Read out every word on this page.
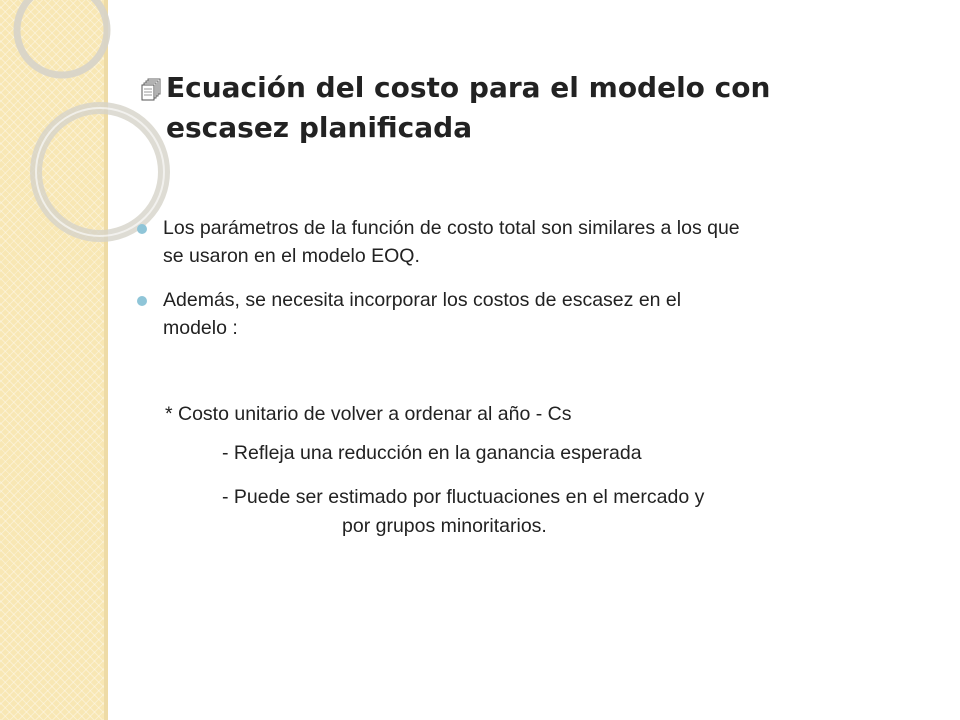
Ecuación del costo para el modelo con
escasez planificada
Los parámetros de la función de costo total son similares a los que
se usaron en el modelo EOQ.
Además, se necesita incorporar los costos de escasez en el
modelo :
* Costo unitario de volver a ordenar al año - Cs
- Refleja una reducción en la ganancia esperada
- Puede ser estimado por fluctuaciones en el mercado y
por grupos minoritarios.
